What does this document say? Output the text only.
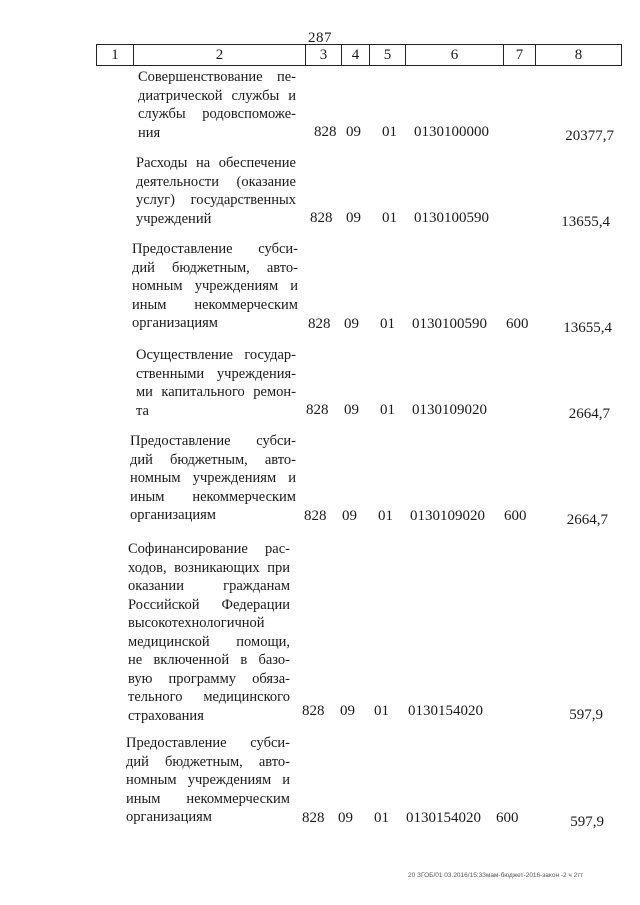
287
1	2	3	4	5	6	7	8

Совершенствование пе-
диатрической службы и
службы родовспоможе-
ния	828 09 01 0130100000	20377,7

Расходы на обеспечение
деятельности (оказание
услуг) государственных
учреждений	828 09 01 0130100590	13655,4

Предоставление субси-
дий бюджетным, авто-
номным учреждениям и
иным некоммерческим
организациям	828 09 01 0130100590 600 13655,4

Осуществление государ-
ственными учреждения-
ми капитального ремон-
та	828 09 01 0130109020	2664,7

Предоставление субси-
дий бюджетным, авто-
номным учреждениям и
иным некоммерческим
организациям	828 09 01 0130109020 600	2664,7

Софинансирование рас-
ходов, возникающих при
оказании гражданам
Российской Федерации
высокотехнологичной
медицинской помощи,
не включенной в базо-
вую программу обяза-
тельного медицинского
страхования	828 09 01 0130154020	597,9

Предоставление субси-
дий бюджетным, авто-
номным учреждениям и
иным некоммерческим
организациям	828 09 01 0130154020 600	597,9
20 ЗГОБ/01 03.2016/15:33мам-бюджет-2016-закон -2 ч 2тт
